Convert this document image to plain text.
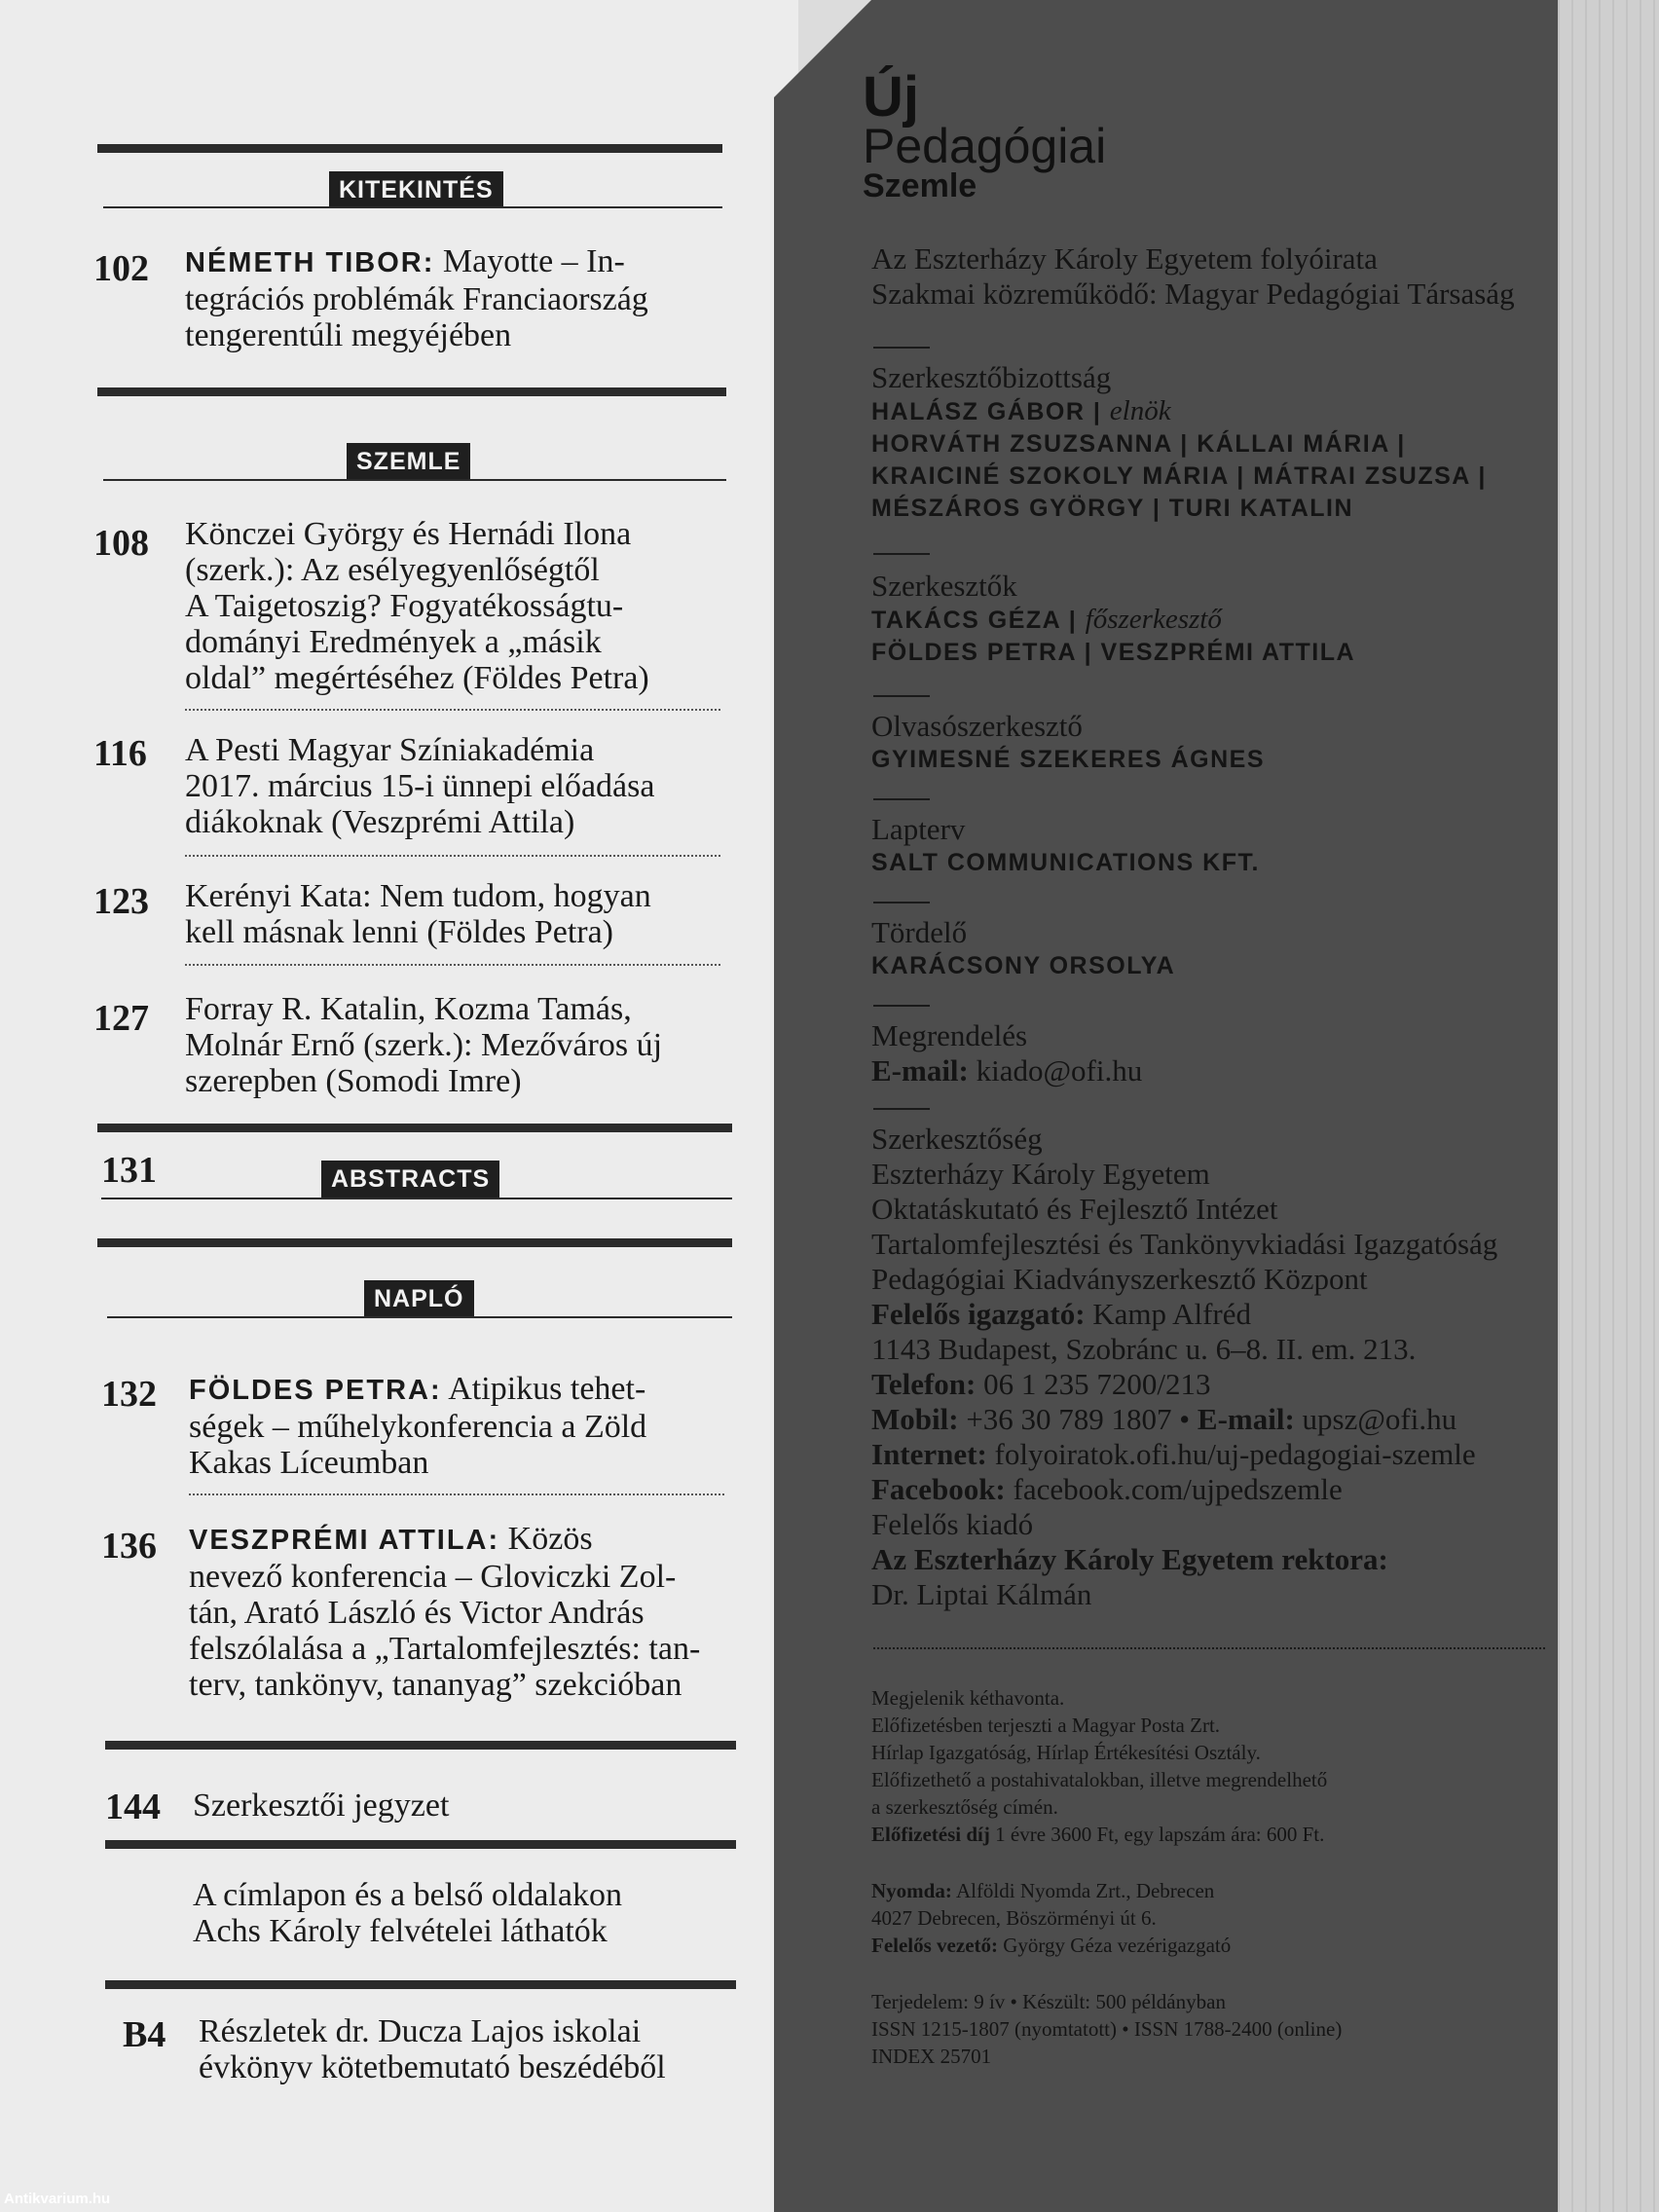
KITEKINTÉS
102	NÉMETH TIBOR: Mayotte – In-
tegrációs problémák Franciaország
tengerentúli megyéjében
SZEMLE
108	Könczei György és Hernádi Ilona
(szerk.): Az esélyegyenlőségtől
A Taigetoszig? Fogyatékosságtu-
dományi Eredmények a „másik
oldal” megértéséhez (Földes Petra)
116	A Pesti Magyar Színiakadémia
2017. március 15-i ünnepi előadása
diákoknak (Veszprémi Attila)
123	Kerényi Kata: Nem tudom, hogyan
kell másnak lenni (Földes Petra)
127	Forray R. Katalin, Kozma Tamás,
Molnár Ernő (szerk.): Mezőváros új
szerepben (Somodi Imre)
131	ABSTRACTS
NAPLÓ
132	FÖLDES PETRA: Atipikus tehet-
ségek – műhelykonferencia a Zöld
Kakas Líceumban
136	VESZPRÉMI ATTILA: Közös
nevező konferencia – Gloviczki Zol-
tán, Arató László és Victor András
felszólalása a „Tartalomfejlesztés: tan-
terv, tankönyv, tananyag” szekcióban
144 Szerkesztői jegyzet
A címlapon és a belső oldalakon
Achs Károly felvételei láthatók
B4 Részletek dr. Ducza Lajos iskolai
évkönyv kötetbemutató beszédéből
Új
Pedagógiai
Szemle
Az Eszterházy Károly Egyetem folyóirata
Szakmai közreműködő: Magyar Pedagógiai Társaság
Szerkesztőbizottság
HALÁSZ GÁBOR | elnök
HORVÁTH ZSUZSANNA | KÁLLAI MÁRIA |
KRAICINÉ SZOKOLY MÁRIA | MÁTRAI ZSUZSA |
MÉSZÁROS GYÖRGY | TURI KATALIN
Szerkesztők
TAKÁCS GÉZA | főszerkesztő
FÖLDES PETRA | VESZPRÉMI ATTILA
Olvasószerkesztő
GYIMESNÉ SZEKERES ÁGNES
Lapterv
SALT COMMUNICATIONS KFT.
Tördelő
KARÁCSONY ORSOLYA
Megrendelés
E-mail: kiado@ofi.hu
Szerkesztőség
Eszterházy Károly Egyetem
Oktatáskutató és Fejlesztő Intézet
Tartalomfejlesztési és Tankönyvkiadási Igazgatóság
Pedagógiai Kiadványszerkesztő Központ
Felelős igazgató: Kamp Alfréd
1143 Budapest, Szobránc u. 6–8. II. em. 213.
Telefon: 06 1 235 7200/213
Mobil: +36 30 789 1807 • E-mail: upsz@ofi.hu
Internet: folyoiratok.ofi.hu/uj-pedagogiai-szemle
Facebook: facebook.com/ujpedszemle
Felelős kiadó
Az Eszterházy Károly Egyetem rektora:
Dr. Liptai Kálmán
Megjelenik kéthavonta.
Előfizetésben terjeszti a Magyar Posta Zrt.
Hírlap Igazgatóság, Hírlap Értékesítési Osztály.
Előfizethető a postahivatalokban, illetve megrendelhető
a szerkesztőség címén.
Előfizetési díj 1 évre 3600 Ft, egy lapszám ára: 600 Ft.
Nyomda: Alföldi Nyomda Zrt., Debrecen
4027 Debrecen, Böszörményi út 6.
Felelős vezető: György Géza vezérigazgató
Terjedelem: 9 ív • Készült: 500 példányban
ISSN 1215-1807 (nyomtatott) • ISSN 1788-2400 (online)
INDEX 25701
Antikvarium.hu
